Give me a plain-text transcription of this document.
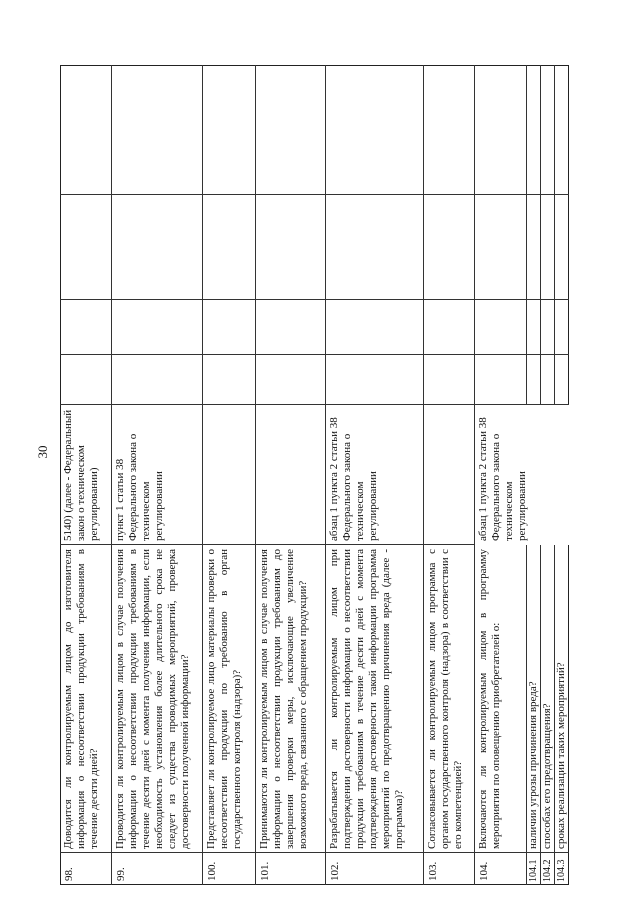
30
98.
Доводится ли контролируемым лицом до изготовителя информация о несоответствии продукции требованиям в течение десяти дней?
5140) (далее - Федеральный закон о техническом регулировании)
99.
Проводится ли контролируемым лицом в случае получения информации о несоответствии продукции требованиям в течение десяти дней с момента получения информации, если необходимость установления более длительного срока не следует из существа проводимых мероприятий, проверка достоверности полученной информации?
пункт 1 статьи 38 Федерального закона о техническом регулировании
100.
Представляет ли контролируемое лицо материалы проверки о несоответствии продукции по требованию в орган государственного контроля (надзора)?
101.
Принимаются ли контролируемым лицом в случае получения информации о несоответствии продукции требованиям до завершения проверки меры, исключающие увеличение возможного вреда, связанного с обращением продукции?
102.
Разрабатывается ли контролируемым лицом при подтверждении достоверности информации о несоответствии продукции требованиям в течение десяти дней с момента подтверждения достоверности такой информации программа мероприятий по предотвращению причинения вреда (далее - программа)?
абзац 1 пункта 2 статьи 38 Федерального закона о техническом регулировании
103.
Согласовывается ли контролируемым лицом программа с органом государственного контроля (надзора) в соответствии с его компетенцией?
104.
Включаются ли контролируемым лицом в программу мероприятия по оповещению приобретателей о:
абзац 1 пункта 2 статьи 38 Федерального закона о техническом регулировании
104.1
наличии угрозы причинения вреда?
104.2
способах его предотвращения?
104.3
сроках реализации таких мероприятий?
